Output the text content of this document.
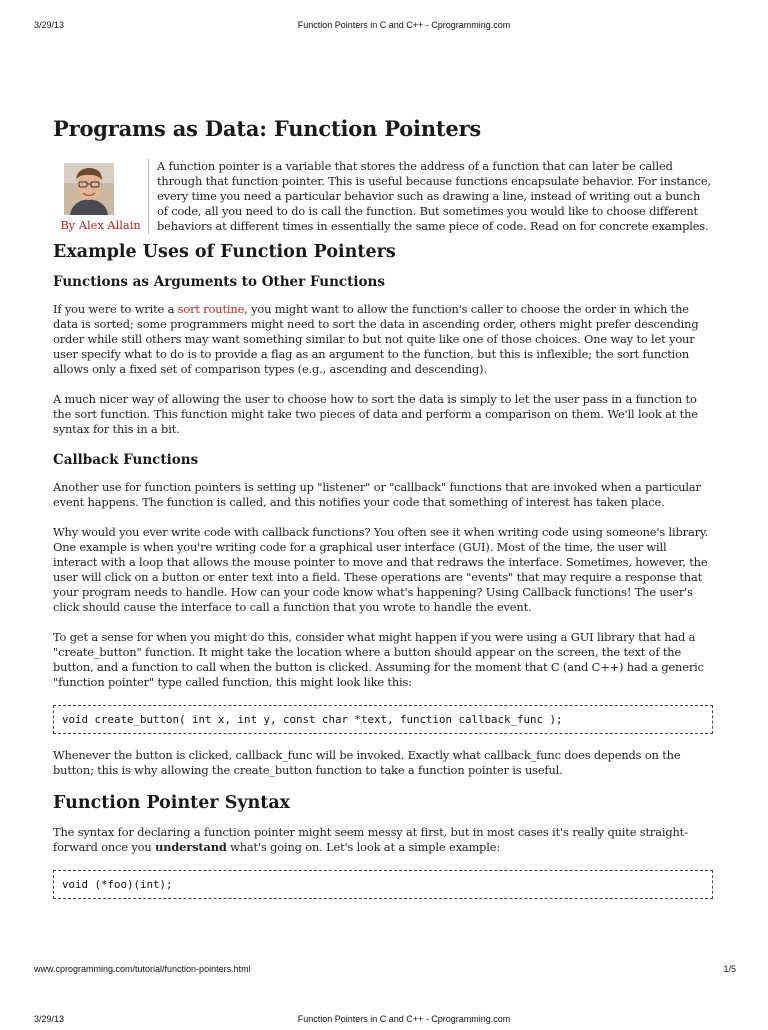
3/29/13	Function Pointers in C and C++ - Cprogramming.com
Programs as Data: Function Pointers
By Alex Allain

A function pointer is a variable that stores the address of a function that can later be called through that function pointer. This is useful because functions encapsulate behavior. For instance, every time you need a particular behavior such as drawing a line, instead of writing out a bunch of code, all you need to do is call the function. But sometimes you would like to choose different behaviors at different times in essentially the same piece of code. Read on for concrete examples.

Example Uses of Function Pointers
Functions as Arguments to Other Functions

If you were to write a sort routine, you might want to allow the function's caller to choose the order in which the data is sorted; some programmers might need to sort the data in ascending order, others might prefer descending order while still others may want something similar to but not quite like one of those choices. One way to let your user specify what to do is to provide a flag as an argument to the function, but this is inflexible; the sort function allows only a fixed set of comparison types (e.g., ascending and descending).

A much nicer way of allowing the user to choose how to sort the data is simply to let the user pass in a function to the sort function. This function might take two pieces of data and perform a comparison on them. We'll look at the syntax for this in a bit.

Callback Functions

Another use for function pointers is setting up "listener" or "callback" functions that are invoked when a particular event happens. The function is called, and this notifies your code that something of interest has taken place.

Why would you ever write code with callback functions? You often see it when writing code using someone's library. One example is when you're writing code for a graphical user interface (GUI). Most of the time, the user will interact with a loop that allows the mouse pointer to move and that redraws the interface. Sometimes, however, the user will click on a button or enter text into a field. These operations are "events" that may require a response that your program needs to handle. How can your code know what's happening? Using Callback functions! The user's click should cause the interface to call a function that you wrote to handle the event.

To get a sense for when you might do this, consider what might happen if you were using a GUI library that had a "create_button" function. It might take the location where a button should appear on the screen, the text of the button, and a function to call when the button is clicked. Assuming for the moment that C (and C++) had a generic "function pointer" type called function, this might look like this:

void create_button( int x, int y, const char *text, function callback_func );

Whenever the button is clicked, callback_func will be invoked. Exactly what callback_func does depends on the button; this is why allowing the create_button function to take a function pointer is useful.

Function Pointer Syntax

The syntax for declaring a function pointer might seem messy at first, but in most cases it's really quite straight-forward once you understand what's going on. Let's look at a simple example:

void (*foo)(int);
www.cprogramming.com/tutorial/function-pointers.html	1/5
3/29/13	Function Pointers in C and C++ - Cprogramming.com
